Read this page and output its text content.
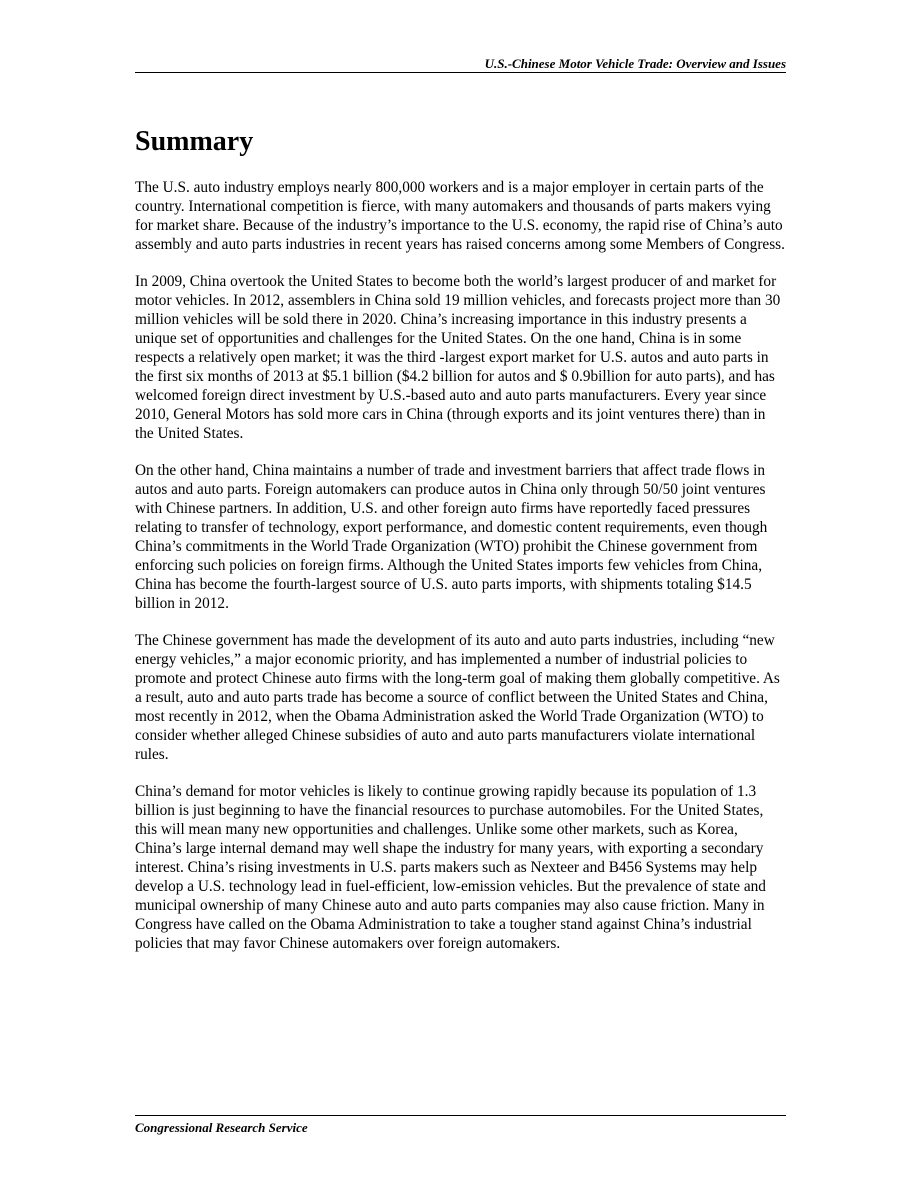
U.S.-Chinese Motor Vehicle Trade: Overview and Issues
Summary

The U.S. auto industry employs nearly 800,000 workers and is a major employer in certain parts of the country. International competition is fierce, with many automakers and thousands of parts makers vying for market share. Because of the industry’s importance to the U.S. economy, the rapid rise of China’s auto assembly and auto parts industries in recent years has raised concerns among some Members of Congress.

In 2009, China overtook the United States to become both the world’s largest producer of and market for motor vehicles. In 2012, assemblers in China sold 19 million vehicles, and forecasts project more than 30 million vehicles will be sold there in 2020. China’s increasing importance in this industry presents a unique set of opportunities and challenges for the United States. On the one hand, China is in some respects a relatively open market; it was the third -largest export market for U.S. autos and auto parts in the first six months of 2013 at $5.1 billion ($4.2 billion for autos and $ 0.9billion for auto parts), and has welcomed foreign direct investment by U.S.-based auto and auto parts manufacturers. Every year since 2010, General Motors has sold more cars in China (through exports and its joint ventures there) than in the United States.

On the other hand, China maintains a number of trade and investment barriers that affect trade flows in autos and auto parts. Foreign automakers can produce autos in China only through 50/50 joint ventures with Chinese partners. In addition, U.S. and other foreign auto firms have reportedly faced pressures relating to transfer of technology, export performance, and domestic content requirements, even though China’s commitments in the World Trade Organization (WTO) prohibit the Chinese government from enforcing such policies on foreign firms. Although the United States imports few vehicles from China, China has become the fourth-largest source of U.S. auto parts imports, with shipments totaling $14.5 billion in 2012.

The Chinese government has made the development of its auto and auto parts industries, including “new energy vehicles,” a major economic priority, and has implemented a number of industrial policies to promote and protect Chinese auto firms with the long-term goal of making them globally competitive. As a result, auto and auto parts trade has become a source of conflict between the United States and China, most recently in 2012, when the Obama Administration asked the World Trade Organization (WTO) to consider whether alleged Chinese subsidies of auto and auto parts manufacturers violate international rules.

China’s demand for motor vehicles is likely to continue growing rapidly because its population of 1.3 billion is just beginning to have the financial resources to purchase automobiles. For the United States, this will mean many new opportunities and challenges. Unlike some other markets, such as Korea, China’s large internal demand may well shape the industry for many years, with exporting a secondary interest. China’s rising investments in U.S. parts makers such as Nexteer and B456 Systems may help develop a U.S. technology lead in fuel-efficient, low-emission vehicles. But the prevalence of state and municipal ownership of many Chinese auto and auto parts companies may also cause friction. Many in Congress have called on the Obama Administration to take a tougher stand against China’s industrial policies that may favor Chinese automakers over foreign automakers.

Congressional Research Service
